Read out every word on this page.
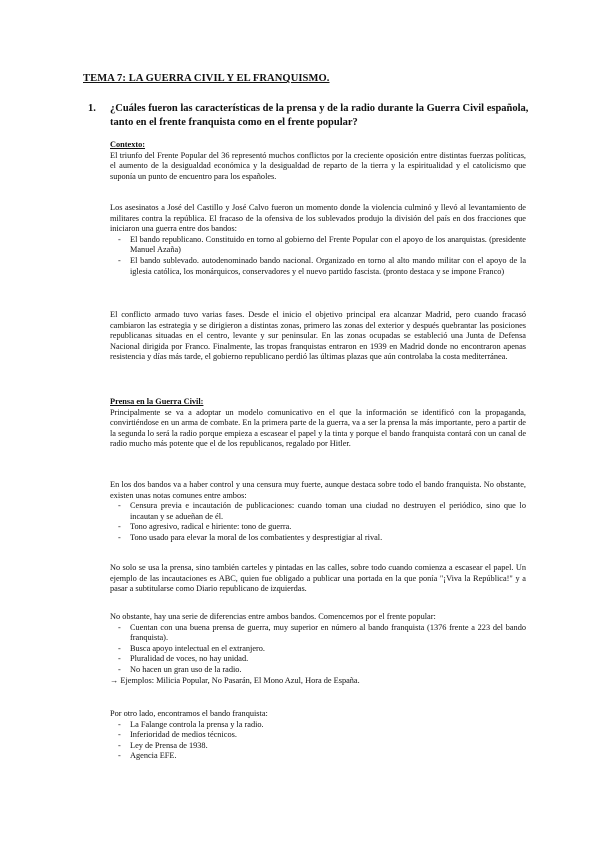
TEMA 7: LA GUERRA CIVIL Y EL FRANQUISMO.
1. ¿Cuáles fueron las características de la prensa y de la radio durante la Guerra Civil española, tanto en el frente franquista como en el frente popular?
Contexto:
El triunfo del Frente Popular del 36 representó muchos conflictos por la creciente oposición entre distintas fuerzas políticas, el aumento de la desigualdad económica y la desigualdad de reparto de la tierra y la espiritualidad y el catolicismo que suponía un punto de encuentro para los españoles.
Los asesinatos a José del Castillo y José Calvo fueron un momento donde la violencia culminó y llevó al levantamiento de militares contra la república. El fracaso de la ofensiva de los sublevados produjo la división del país en dos fracciones que iniciaron una guerra entre dos bandos:
- El bando republicano. Constituido en torno al gobierno del Frente Popular con el apoyo de los anarquistas. (presidente Manuel Azaña)
- El bando sublevado. autodenominado bando nacional. Organizado en torno al alto mando militar con el apoyo de la iglesia católica, los monárquicos, conservadores y el nuevo partido fascista. (pronto destaca y se impone Franco)
El conflicto armado tuvo varias fases. Desde el inicio el objetivo principal era alcanzar Madrid, pero cuando fracasó cambiaron las estrategia y se dirigieron a distintas zonas, primero las zonas del exterior y después quebrantar las posiciones republicanas situadas en el centro, levante y sur peninsular. En las zonas ocupadas se estableció una Junta de Defensa Nacional dirigida por Franco. Finalmente, las tropas franquistas entraron en 1939 en Madrid donde no encontraron apenas resistencia y días más tarde, el gobierno republicano perdió las últimas plazas que aún controlaba la costa mediterránea.
Prensa en la Guerra Civil:
Principalmente se va a adoptar un modelo comunicativo en el que la información se identificó con la propaganda, convirtiéndose en un arma de combate. En la primera parte de la guerra, va a ser la prensa la más importante, pero a partir de la segunda lo será la radio porque empieza a escasear el papel y la tinta y porque el bando franquista contará con un canal de radio mucho más potente que el de los republicanos, regalado por Hitler.
En los dos bandos va a haber control y una censura muy fuerte, aunque destaca sobre todo el bando franquista. No obstante, existen unas notas comunes entre ambos:
- Censura previa e incautación de publicaciones: cuando toman una ciudad no destruyen el periódico, sino que lo incautan y se adueñan de él.
- Tono agresivo, radical e hiriente: tono de guerra.
- Tono usado para elevar la moral de los combatientes y desprestigiar al rival.
No solo se usa la prensa, sino también carteles y pintadas en las calles, sobre todo cuando comienza a escasear el papel. Un ejemplo de las incautaciones es ABC, quien fue obligado a publicar una portada en la que ponía "¡Viva la República!" y a pasar a subtitularse como Diario republicano de izquierdas.
No obstante, hay una serie de diferencias entre ambos bandos. Comencemos por el frente popular:
- Cuentan con una buena prensa de guerra, muy superior en número al bando franquista (1376 frente a 223 del bando franquista).
- Busca apoyo intelectual en el extranjero.
- Pluralidad de voces, no hay unidad.
- No hacen un gran uso de la radio.
→ Ejemplos: Milicia Popular, No Pasarán, El Mono Azul, Hora de España.
Por otro lado, encontramos el bando franquista:
- La Falange controla la prensa y la radio.
- Inferioridad de medios técnicos.
- Ley de Prensa de 1938.
- Agencia EFE.
